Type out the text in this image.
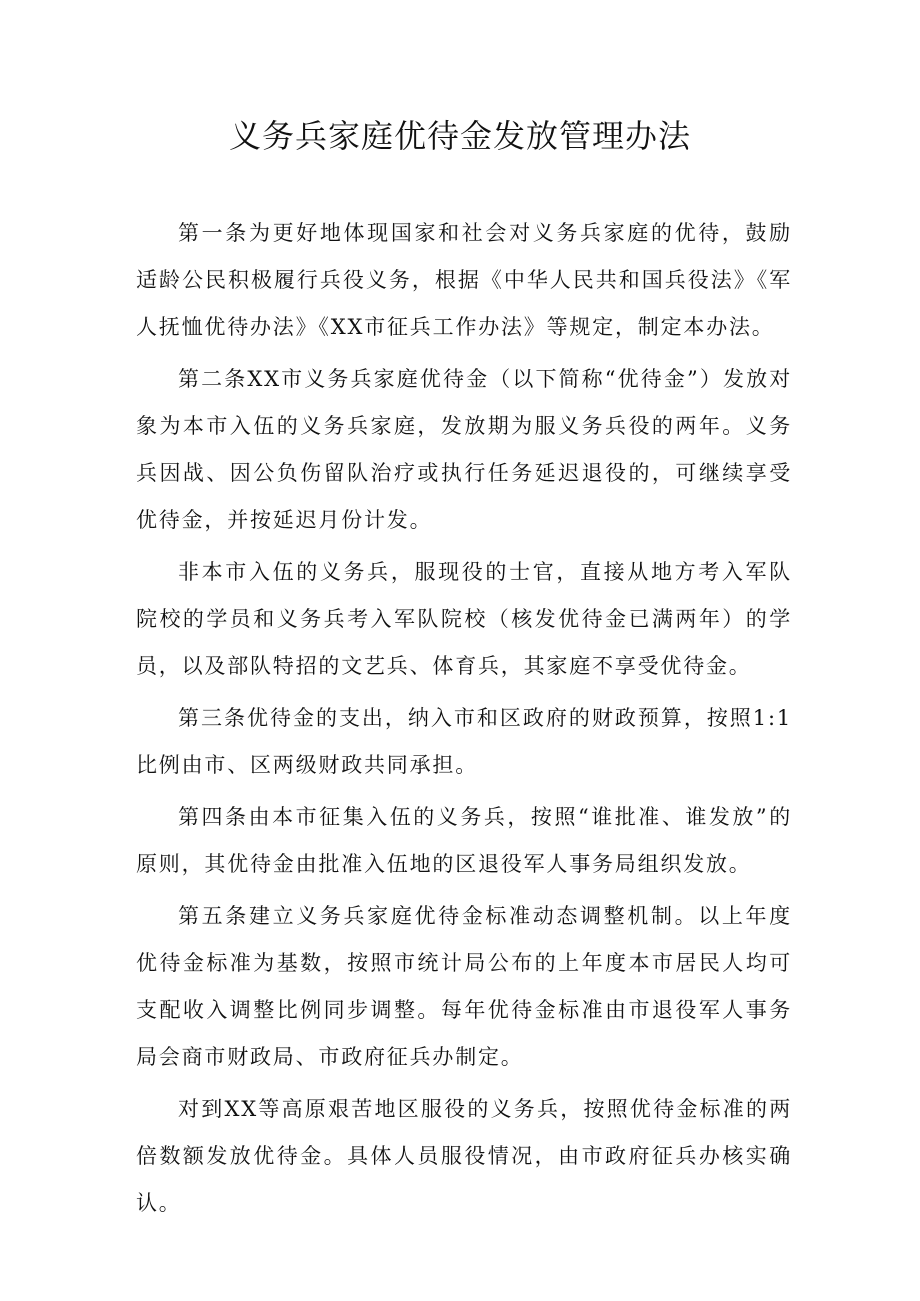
义务兵家庭优待金发放管理办法

第一条为更好地体现国家和社会对义务兵家庭的优待，鼓励适龄公民积极履行兵役义务，根据《中华人民共和国兵役法》《军人抚恤优待办法》《XX市征兵工作办法》等规定，制定本办法。

第二条XX市义务兵家庭优待金（以下简称“优待金”）发放对象为本市入伍的义务兵家庭，发放期为服义务兵役的两年。义务兵因战、因公负伤留队治疗或执行任务延迟退役的，可继续享受优待金，并按延迟月份计发。

非本市入伍的义务兵，服现役的士官，直接从地方考入军队院校的学员和义务兵考入军队院校（核发优待金已满两年）的学员，以及部队特招的文艺兵、体育兵，其家庭不享受优待金。

第三条优待金的支出，纳入市和区政府的财政预算，按照1:1比例由市、区两级财政共同承担。

第四条由本市征集入伍的义务兵，按照“谁批准、谁发放”的原则，其优待金由批准入伍地的区退役军人事务局组织发放。

第五条建立义务兵家庭优待金标准动态调整机制。以上年度优待金标准为基数，按照市统计局公布的上年度本市居民人均可支配收入调整比例同步调整。每年优待金标准由市退役军人事务局会商市财政局、市政府征兵办制定。

对到XX等高原艰苦地区服役的义务兵，按照优待金标准的两倍数额发放优待金。具体人员服役情况，由市政府征兵办核实确认。
